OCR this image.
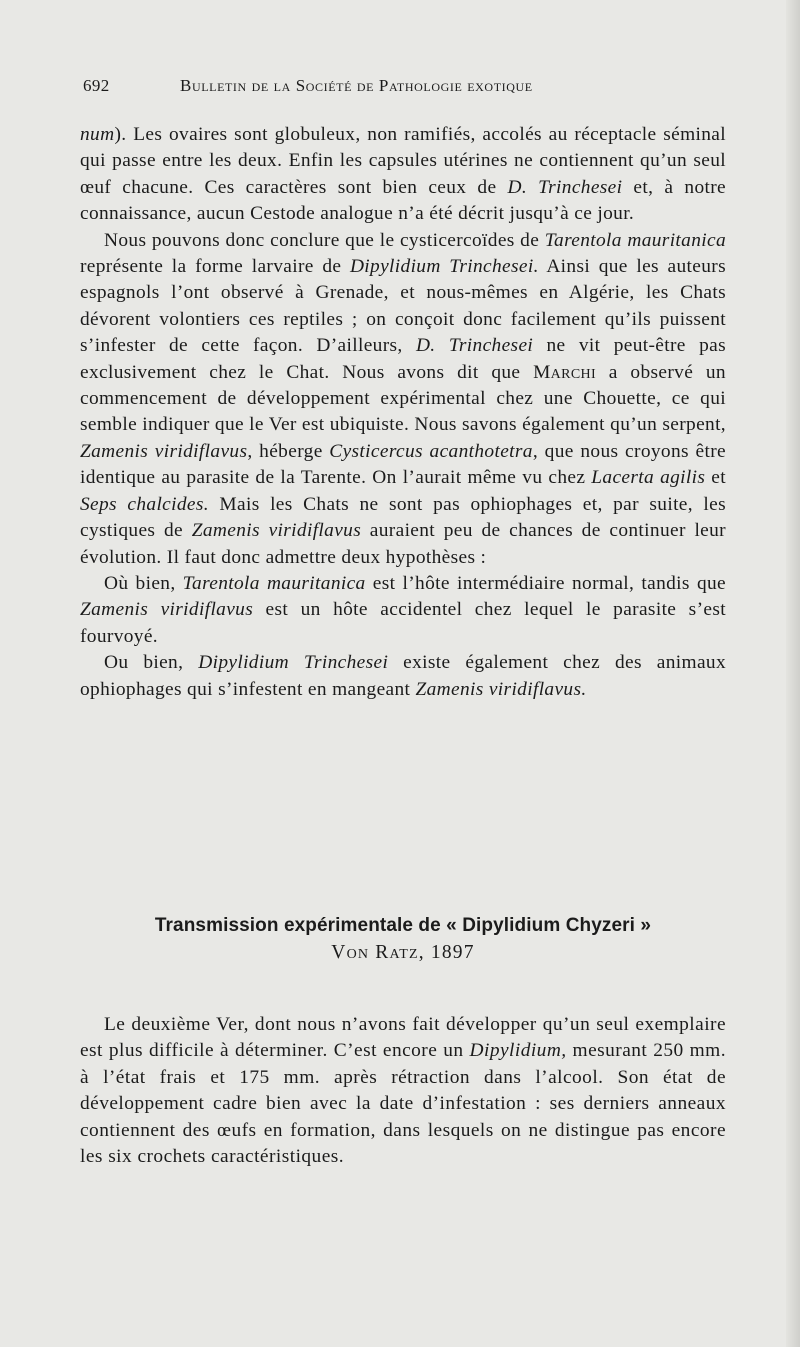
692	Bulletin de la Société de Pathologie exotique

num). Les ovaires sont globuleux, non ramifiés, accolés au réceptacle séminal qui passe entre les deux. Enfin les capsules utérines ne contiennent qu’un seul œuf chacune. Ces caractères sont bien ceux de D. Trinchesei et, à notre connaissance, aucun Cestode analogue n’a été décrit jusqu’à ce jour.

Nous pouvons donc conclure que le cysticercoïdes de Tarentola mauritanica représente la forme larvaire de Dipylidium Trinchesei. Ainsi que les auteurs espagnols l’ont observé à Grenade, et nous-mêmes en Algérie, les Chats dévorent volontiers ces reptiles ; on conçoit donc facilement qu’ils puissent s’infester de cette façon. D’ailleurs, D. Trinchesei ne vit peut-être pas exclusivement chez le Chat. Nous avons dit que Marchi a observé un commencement de développement expérimental chez une Chouette, ce qui semble indiquer que le Ver est ubiquiste. Nous savons également qu’un serpent, Zamenis viridiflavus, héberge Cysticercus acanthotetra, que nous croyons être identique au parasite de la Tarente. On l’aurait même vu chez Lacerta agilis et Seps chalcides. Mais les Chats ne sont pas ophiophages et, par suite, les cystiques de Zamenis viridiflavus auraient peu de chances de continuer leur évolution. Il faut donc admettre deux hypothèses :

Où bien, Tarentola mauritanica est l’hôte intermédiaire normal, tandis que Zamenis viridiflavus est un hôte accidentel chez lequel le parasite s’est fourvoyé.

Ou bien, Dipylidium Trinchesei existe également chez des animaux ophiophages qui s’infestent en mangeant Zamenis viridiflavus.

Transmission expérimentale de « Dipylidium Chyzeri »
Von Ratz, 1897

Le deuxième Ver, dont nous n’avons fait développer qu’un seul exemplaire est plus difficile à déterminer. C’est encore un Dipylidium, mesurant 250 mm. à l’état frais et 175 mm. après rétraction dans l’alcool. Son état de développement cadre bien avec la date d’infestation : ses derniers anneaux contiennent des œufs en formation, dans lesquels on ne distingue pas encore les six crochets caractéristiques.
